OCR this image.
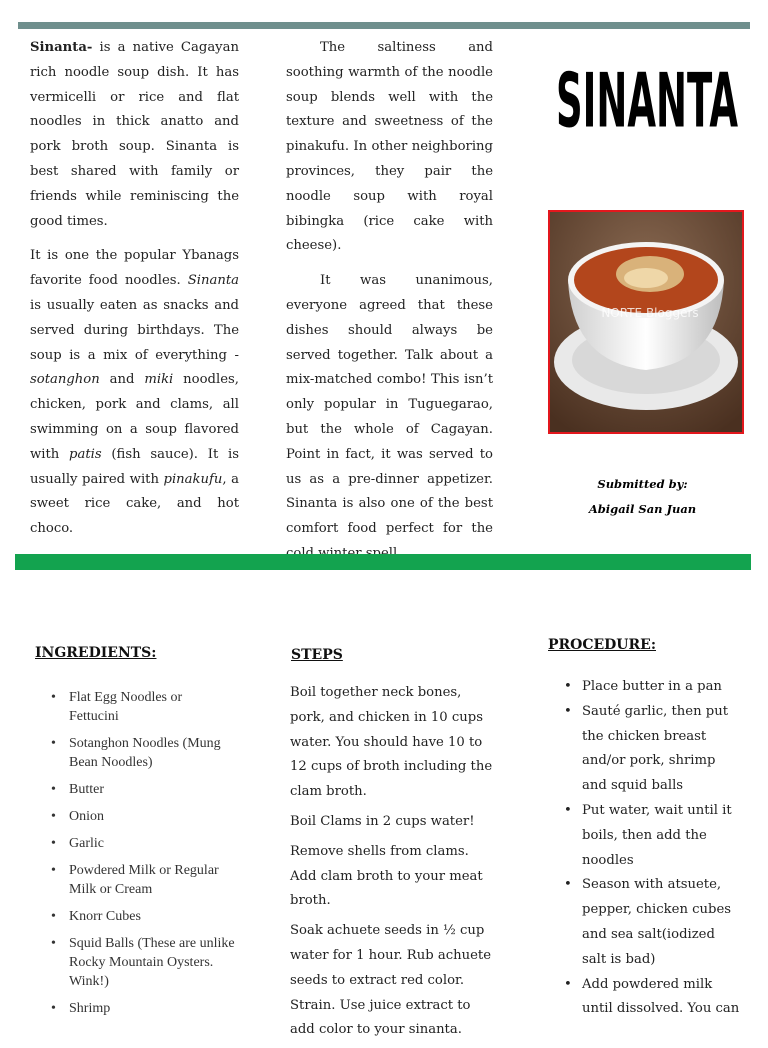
Sinanta- is a native Cagayan rich noodle soup dish. It has vermicelli or rice and flat noodles in thick anatto and pork broth soup. Sinanta is best shared with family or friends while reminiscing the good times.

It is one the popular Ybanags favorite food noodles. Sinanta is usually eaten as snacks and served during birthdays. The soup is a mix of everything - sotanghon and miki noodles, chicken, pork and clams, all swimming on a soup flavored with patis (fish sauce). It is usually paired with pinakufu, a sweet rice cake, and hot choco.

The saltiness and soothing warmth of the noodle soup blends well with the texture and sweetness of the pinakufu. In other neighboring provinces, they pair the noodle soup with royal bibingka (rice cake with cheese).

It was unanimous, everyone agreed that these dishes should always be served together. Talk about a mix-matched combo! This isn’t only popular in Tuguegarao, but the whole of Cagayan. Point in fact, it was served to us as a pre-dinner appetizer. Sinanta is also one of the best comfort food perfect for the

SINANTA
NORTE Bloggers
Submitted by:
Abigail San Juan
INGREDIENTS:
• Flat Egg Noodles or Fettucini
• Sotanghon Noodles (Mung Bean Noodles)
• Butter
• Onion
• Garlic
• Powdered Milk or Regular Milk or Cream
• Knorr Cubes
• Squid Balls (These are unlike Rocky Mountain Oysters. Wink!)
• Shrimp
STEPS

Boil together neck bones, pork, and chicken in 10 cups water. You should have 10 to 12 cups of broth including the clam broth.

Boil Clams in 2 cups water!

Remove shells from clams. Add clam broth to your meat broth.

Soak achuete seeds in ½ cup water for 1 hour. Rub achuete seeds to extract red color. Strain. Use juice extract to add color to your sinanta.

PROCEDURE:
• Place butter in a pan
• Sauté garlic, then put the chicken breast and/or pork, shrimp and squid balls
• Put water, wait until it boils, then add the noodles
• Season with atsuete, pepper, chicken cubes and sea salt(iodized salt is bad)
• Add powdered milk until dissolved. You can
